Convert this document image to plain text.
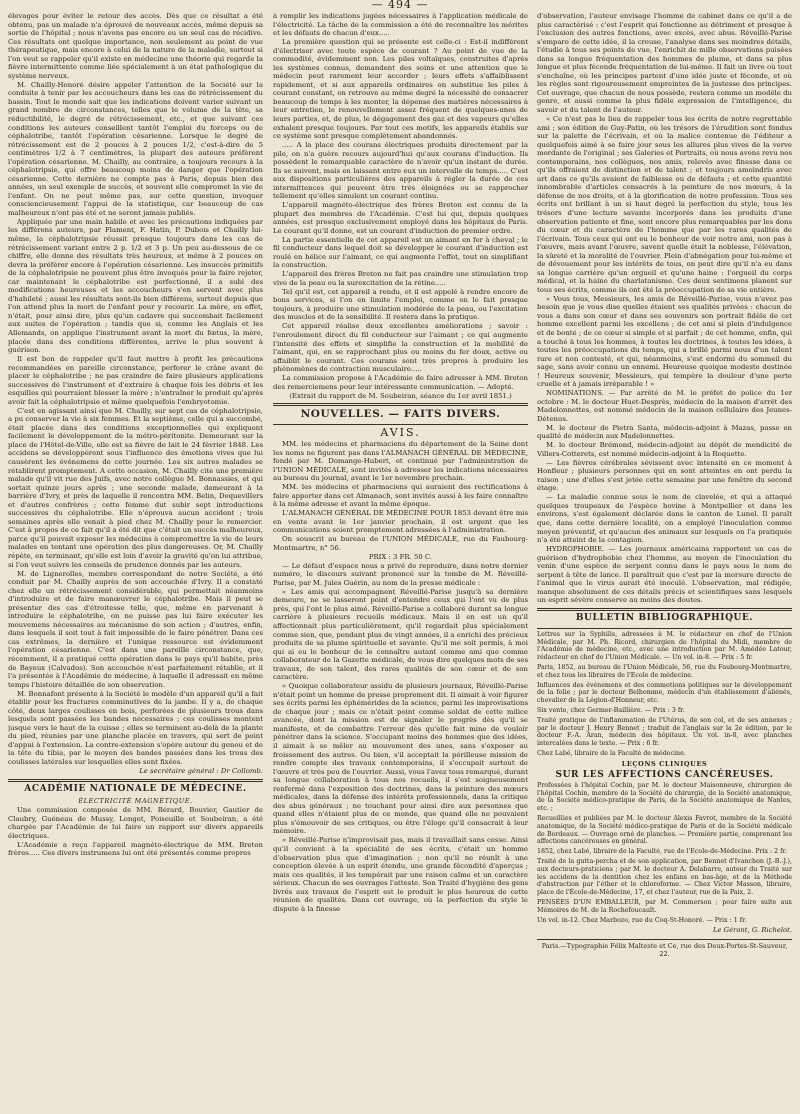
— 494 —

élevages pour éviter le retour des accès. Dès que ce résultat a été obtenu, pas un malade n'a éprouvé de nouveaux accès, même depuis sa sortie de l'hôpital ; nous n'avons pas encore eu un seul cas de récidive. Ces résultats ont quelque importance, non seulement au point de vue thérapeutique, mais encore à celui de la nature de la maladie, surtout si l'on veut se rappeler qu'il existe en médecine une théorie qui regarde la fièvre intermittente comme liée spécialement à un état pathologique du système nerveux.

M. Chailly-Honoré désire appeler l'attention de la Société sur la conduite à tenir par les accoucheurs dans les cas de rétrécissement du bassin. Tout le monde sait que les indications doivent varier suivant un grand nombre de circonstances, telles que le volume de la tête, sa réductibilité, le degré de rétrécissement, etc., et que suivant ces conditions les auteurs conseillent tantôt l'emploi du forceps ou de céphalotribe, tantôt l'opération césarienne. Lorsque le degré de rétrécissement est de 2 pouces à 2 pouces 1/2, c'est-à-dire de 5 centimètres 1/2 à 7 centimètres, la plupart des auteurs préfèrent l'opération césarienne. M. Chailly, au contraire, a toujours recours à la céphalotripsie, qui offre beaucoup moins de danger que l'opération césarienne. Cette dernière ne compte pas à Paris, depuis bien des années, un seul exemple de succès, et souvent elle compromet la vie de l'enfant. On ne peut même pas, sur cette question, invoquer consciencieusement l'appui de la statistique, car beaucoup de cas malheureux n'ont pas été et ne seront jamais publiés.

Appliquée par une main habile et avec les précautions indiquées par les différens auteurs, par Flament, F. Hatin, P. Dubois et Chailly lui-même, la céphalotripsie réussit presque toujours dans les cas de rétrécissement variant entre 2 p. 1/2 et 3 p. Un peu au-dessous de ce chiffre, elle donne des résultats très heureux, et même à 2 pouces on devra la préférer encore à l'opération césarienne. Les insuccès primitifs de la céphalotripsie ne peuvent plus être invoqués pour la faire rejeter, car maintenant le céphalotribe est perfectionné, il a subi des modifications heureuses et les accoucheurs s'en servent avec plus d'habileté ; aussi les résultats sont-ils bien différens, surtout depuis que l'on attend plus la mort de l'enfant pour y recourir. La mère, en effet, n'était, pour ainsi dire, plus qu'un cadavre qui succombait facilement aux suites de l'opération ; tandis que si, comme les Anglais et les Allemands, on applique l'instrument avant la mort du fœtus, la mère, placée dans des conditions différentes, arrive le plus souvent à guérison.

Il est bon de rappeler qu'il faut mettre à profit les précautions recommandées en pareille circonstance, perforer le crâne avant de placer le céphalotribe ; ne pas craindre de faire plusieurs applications successives de l'instrument et d'extraire à chaque fois les débris et les esquilles qui pourraient blesser la mère ; n'entraîner le produit qu'après avoir fait la céphalotripsie et même quelquefois l'embryotomie.

C'est en agissant ainsi que M. Chailly, sur sept cas de céphalotripsie, a pu conserver la vie à six femmes. Et la septième, celle qui a succombé, était placée dans des conditions exceptionnelles qui expliquent facilement le développement de la métro-péritonite. Demeurant sur la place de l'Hôtel-de-Ville, elle est sa fièvre de lait le 24 février 1848. Les accidens se développèrent sous l'influence des émotions vives que lui causèrent les événemens de cette journée. Les six autres malades se rétablirent promptement. A cette occasion, M. Chailly cite une première malade qu'il vit rue des Juifs, avec notre collègue M. Bonnassies, et qui sortait quinze jours après ; une seconde malade, demeurant à la barrière d'Ivry, et près de laquelle il rencontra MM. Belin, Dequevillers et d'autres confrères ; cette femme dut subir sept introductions successives du céphalotribe. Elle n'éprouva aucun accident ; trois semaines après elle venait à pied chez M. Chailly pour le remercier. C'est à propos de ce fait qu'il a été dit que c'était un succès malheureux, parce qu'il pouvait exposer les médecins à compromettre la vie de leurs malades en tentant une opération des plus dangereuses. Or, M. Chailly répète, en terminant, qu'elle est loin d'avoir la gravité qu'on lui attribue, si l'on veut suivre les conseils de prudence donnés par les auteurs.

M. de Lignerolles, membre correspondant de notre Société, a été conduit par M. Chailly auprès de son accouchée d'Ivry. Il a constaté chez elle un rétrécissement considérable, qui permettait néanmoins d'introduire et de faire manœuvrer le céphalotribe. Mais il peut se présenter des cas d'étroitesse telle, que, même en parvenant à introduire le céphalotribe, on ne puisse pas lui faire exécuter les mouvemens nécessaires au mécanisme de son action ; d'autres, enfin, dans lesquels il soit tout à fait impossible de le faire pénétrer. Dans ces cas extrêmes, la dernière et l'unique ressource est évidemment l'opération césarienne. C'est dans une pareille circonstance, que, récemment, il a pratiqué cette opération dans le pays qu'il habite, près de Bayeux (Calvados). Son accouchée n'est parfaitement rétablie, et il l'a présentée à l'Académie de médecine, à laquelle il adressait en même temps l'histoire détaillée de son observation.

M. Bonnafont présente à la Société le modèle d'un appareil qu'il a fait établir pour les fractures comminutives de la jambe. Il y a, de chaque côté, deux larges coulisses en bois, perforées de plusieurs trous dans lesquels sont passées les bandes nécessaires ; ces coulisses montent jusque vers le haut de la cuisse ; elles se terminent au-delà de la plante du pied, réunies par une planche placée en travers, qui sert de point d'appui à l'extension. La contre-extension s'opère autour du genou et de la tête du tibia, par le moyen des bandes passées dans les trous des coulisses latérales sur lesquelles elles sont fixées.

Le secrétaire général : Dr Collomb.
ACADÉMIE NATIONALE DE MÉDECINE.
ÉLECTRICITÉ MAGNÉTIQUE.

Une commission composée de MM. Bérard, Bouvier, Gautier de Claubry, Guéneau de Mussy, Longet, Poiseuille et Soubeiran, a été chargée par l'Académie de lui faire un rapport sur divers appareils électriques.

L'Académie a reçu l'appareil magnéto-électrique de MM. Breton frères..... Ces divers instrumens lui ont été présentés comme propres

à remplir les indications jugées nécessaires à l'application médicale de l'électricité. La tâche de la commission a été de reconnaître les mérites et les défauts de chacun d'eux.....

La première question qui se présente est celle-ci : Est-il indifférent d'électriser avec toute espèce de courant ? Au point de vue de la commodité, évidemment non. Les piles voltaïques, construites d'après les systèmes connus, demandent des soins et une attention que le médecin peut rarement leur accorder ; leurs effets s'affaiblissent rapidement, et si aux appareils ordinaires on substitue les piles à courant constant, on retrouve au même degré la nécessité de consacrer beaucoup de temps à les monter, la dépense des matières nécessaires à leur entretien, le renouvellement assez fréquent de quelques-unes de leurs parties, et, de plus, le dégagement des gaz et des vapeurs qu'elles exhalent presque toujours. Par tout ces motifs, les appareils établis sur ce système sont presque complètement abandonnés.

..... A la place des courans électriques produits directement par la pile, on n'a guère recours aujourd'hui qu'aux courans d'induction. Ils possèdent le remarquable caractère de n'avoir qu'un instant de durée. Ils se suivent, mais en laissant entre eux un intervalle de temps..... C'est aux dispositions particulières des appareils à régler la durée de ces intermittences qui peuvent être très éloignées ou se rapprocher tellement qu'elles simulent un courant continu.

L'appareil magnéto-électrique des frères Breton est connu de la plupart des membres de l'Académie. C'est lui qui, depuis quelques années, est presque exclusivement employé dans les hôpitaux de Paris. Le courant qu'il donne, est un courant d'induction de premier ordre.

La partie essentielle de cet appareil est un aimant en fer à cheval ; le fil conducteur dans lequel doit se développer le courant d'induction est roulé en hélice sur l'aimant, ce qui augmente l'effet, tout en simplifiant la construction.

L'appareil des frères Breton ne fait pas craindre une stimulation trop vive de la peau ou la surexcitation de la rétine.....

Tel qu'il est, cet appareil a rendu, et il est appelé à rendre encore de bons services, si l'on en limite l'emploi, comme on le fait presque toujours, à produire une stimulation modérée de la peau, ou l'excitation des muscles et de la sensibilité. Il restera dans la pratique.

Cet appareil réalise deux excellentes améliorations ; savoir : l'enroulement direct du fil conducteur sur l'aimant ; ce qui augmente l'intensité des effets et simplifie la construction et la mobilité de l'aimant, qui, en se rapprochant plus ou moins du fer doux, active ou affaiblit le courant. Ces courans sont très propres à produire les phénomènes de contraction musculaire.....

La commission propose à l'Académie de faire adresser à MM. Breton des remerciemens pour leur intéressante communication. — Adopté.

(Extrait du rapport de M. Soubeiran, séance du 1er avril 1851.)

NOUVELLES. — FAITS DIVERS.
AVIS.

MM. les médecins et pharmaciens du département de la Seine dont les noms ne figurent pas dans l'ALMANACH GÉNÉRAL DE MÉDECINE, fondé par M. Domange-Hubert, et continué par l'administration de l'UNION MÉDICALE, sont invités à adresser les indications nécessaires au bureau du journal, avant le 1er novembre prochain.

MM. les médecins et pharmaciens qui auraient des rectifications à faire apporter dans cet Almanach, sont invités aussi à les faire connaître à la même adresse et avant la même époque.

L'ALMANACH GÉNÉRAL DE MÉDECINE POUR 1853 devant être mis en vente avant le 1er janvier prochain, il est urgent que les communications soient promptement adressées à l'administration.

On souscrit au bureau de l'UNION MÉDICALE, rue du Faubourg-Montmartre, n° 56.

PRIX : 3 FR. 50 C.

— Le défaut d'espace nous a privé de reproduire, dans notre dernier numéro, le discours suivant prononcé sur la tombe de M. Réveillé-Parise, par M. Jules Guérin, au nom de la presse médicale :

« Les amis qui accompagnent Réveillé-Parise jusqu'à sa dernière demeure, ne se lasseront point d'entendre ceux qui l'ont vu de plus près, qui l'ont le plus aimé. Réveillé-Parise a collaboré durant sa longue carrière à plusieurs recueils médicaux. Mais il en est un qu'il affectionnait plus particulièrement, qu'il regardait plus spécialement comme sien, que, pendant plus de vingt années, il a enrichi des précieux produits de sa plume spirituelle et savante. Qu'il me soit permis, à moi qui ai eu le bonheur de le connaître autant comme ami que comme collaborateur de la Gazette médicale, de vous dire quelques mots de ses travaux, de son talent, des rares qualités de son cœur et de son caractère.

« Quoique collaborateur assidu de plusieurs journaux, Réveillé-Parise n'était point un homme de presse proprement dit. Il aimait à voir figurer ses écrits parmi les éphémérides de la science, parmi les improvisations de chaque jour ; mais ce n'était point comme soldat de cette milice avancée, dont la mission est de signaler le progrès dès qu'il se manifeste, et de combattre l'erreur dès qu'elle fait mine de vouloir pénétrer dans la science. S'occupant moins des hommes que des idées, il aimait à se mêler au mouvement des unes, sans s'exposer au froissement des autres. Ou bien, s'il acceptait la périlleuse mission de rendre compte des travaux contemporains, il s'occupait surtout de l'œuvre et très peu de l'ouvrier. Aussi, vous l'avez tous remarqué, durant sa longue collaboration à tous nos recueils, il s'est soigneusement renfermé dans l'exposition des doctrines, dans la peinture des mœurs médicales, dans la défense des intérêts professionnels, dans la critique des abus généraux ; ne touchant pour ainsi dire aux personnes que quand elles n'étaient plus de ce monde, que quand elle ne pouvaient plus s'émouvoir de ses critiques, ou être l'éloge qu'il consacrait à leur mémoire.

« Réveillé-Parise n'improvisait pas, mais il travaillait sans cesse. Ainsi qu'il convient à la spécialité de ses écrits, c'était un homme d'observation plus que d'imagination ; non qu'il ne réunît à une conception élevée à un esprit étendu, une grande fécondité d'aperçus ; mais ces qualités, il les tempérait par une raison calme et un caractère sérieux. Chacun de ses ouvrages l'atteste. Son Traité d'hygiène des gens livrés aux travaux de l'esprit est le produit le plus heureux de cette réunion de qualités. Dans cet ouvrage, où la perfection du style le dispute à la finesse

d'observation, l'auteur envisage l'homme de cabinet dans ce qu'il a de plus caractérisé : c'est l'esprit qui fonctionne au détriment et presque à l'exclusion des autres fonctions, avec excès, avec abus. Réveillé-Parise s'empare de cette idée, il la creuse, l'analyse dans ses moindres détails, l'étudie à tous ses points de vue, l'enrichit de mille observations puisées dans sa longue fréquentation des hommes de plume, et dans sa plus longue et plus féconde fréquentation de lui-même. Il fait un livre où tout s'enchaîne, où les principes partent d'une idée juste et féconde, et où les règles sont rigoureusement empreintes de la justesse des principes. Cet ouvrage, que chacun de nous possède, restera comme un modèle du genre, et aussi comme la plus fidèle expression de l'intelligence, du savoir et du talent de l'auteur.

« Ce n'est pas le lieu de rappeler tous les écrits de notre regrettable ami ; son édition de Guy-Patin, où les trésors de l'érudition sont fondus sur la palette de l'écrivain, et où la malice contenue de l'éditeur a quelquefois aimé à se faire jour sous les allures plus vives de la verve mordante de l'original ; ses Galeries et Portraits, où nous avons revu nos contemporains, nos collègues, nos amis, relevés avec finesse dans ce qu'ils offraient de distinction et de talent ; et toujours amoindris avec art dans ce qu'ils avaient de faiblesse ou de défauts ; et cette quantité innombrable d'articles consacrés à la peinture de nos mœurs, à la défense de nos droits, et à la glorification de notre profession. Tous ses écrits ont brillant à un si haut degré la perfection du style, tous les trésors d'une lecture savante incorporés dans les produits d'une observation patiente et fine, sont encore plus remarquables par les dons du cœur et du caractère de l'homme que par les rares qualités de l'écrivain. Tous ceux qui ont eu le bonheur de voir notre ami, non pas à l'œuvre, mais avant l'œuvre, savent quelle était la noblesse, l'élévation, la sûreté et la moralité de l'ouvrier. Plein d'abnégation pour lui-même et de dévouement pour les intérêts de tous, on peut dire qu'il n'a eu dans sa longue carrière qu'un orgueil et qu'une haine : l'orgueil du corps médical, et la haine du charlatanisme. Ces deux sentimens planent sur tous ses écrits, comme ils ont été la préoccupation de sa vie entière.

« Vous tous, Messieurs, les amis de Réveillé-Parise, vous n'avez pas besoin que je vous dise quelles étaient ses qualités privées : chacun de vous a dans son cœur et dans ses souvenirs son portrait fidèle de cet homme excellent parmi les excellens ; de cet ami si plein d'indulgence et de bonté ; de ce cœur si simple et si parfait ; de cet homme, enfin, qui a touché à tous les hommes, à toutes les doctrines, à toutes les idées, à toutes les préoccupations du temps, qui a brillé parmi nous d'un talent rare et non contesté, et qui, néanmoins, s'est endormi du sommeil du sage, sans avoir connu un ennemi. Heureuse quoique modeste destinée ! Heureux souvenir, Messieurs, qui tempère la douleur d'une perte cruelle et à jamais irréparable ! »

NOMINATIONS. — Par arrêté de M. le préfet de police du 1er octobre : M. le docteur Huet-Desprès, médecin de la maison d'arrêt des Madelonnettes, est nommé médecin de la maison cellulaire des Jeunes-Détenus.

M. le docteur de Pietra Santa, médecin-adjoint à Mazas, passe en qualité de médecin aux Madelonnettes.

M. le docteur Brémond, médecin-adjoint au dépôt de mendicité de Villers-Cotterets, est nommé médecin-adjoint à la Roquette.

— Les fièvres cérébrales sévissent avec intensité en ce moment à Honfleur ; plusieurs personnes qui en sont atteintes en ont perdu la raison ; une d'elles s'est jetée cette semaine par une fenêtre du second étage.

— La maladie connue sous le nom de clavelée, et qui a attaqué quelques troupeaux de l'espèce bovine à Montpellier et dans les environs, s'est également déclarée dans le canton de Lunel. Il paraît que, dans cette dernière localité, on a employé l'inoculation comme moyen préventif, et qu'aucun des animaux sur lesquels on l'a pratiquée n'a été atteint de la contagion.

HYDROPHOBIE. — Les journaux américains rapportent un cas de guérison d'hydrophobie chez l'homme, au moyen de l'inoculation du venin d'une espèce de serpent connu dans le pays sous le nom de serpent à tête de lance. Il paraîtrait que c'est par la morsure directe de l'animal que le virus aurait été inoculé. L'observation, mal rédigée, manque absolument de ces détails précis et scientifiques sans lesquels un esprit sévère conserve au moins des doutes.

BULLETIN BIBLIOGRAPHIQUE.

Lettres sur la Syphilis, adressées à M. le rédacteur en chef de l'Union Médicale, par M. Ph. Ricord, chirurgien de l'hôpital du Midi, membre de l'Académie de médecine, etc., avec une introduction par M. Amédée Latour, rédacteur en chef de l'Union Médicale. — Un vol. in-8. — Prix : 5 fr.

Paris, 1852, au bureau de l'Union Médicale, 56, rue du Faubourg-Montmartre, et chez tous les libraires de l'Ecole de médecine.

Influences des événemens et des commotions politiques sur le développement de la folie ; par le docteur Belhomme, médecin d'un établissement d'aliénés, chevalier de la Légion-d'Honneur, etc.

Six vente, chez Germer-Baillière. — Prix : 3 fr.

Traité pratique de l'inflammation de l'Utérus, de son col, et de ses annexes ; par le docteur J. Henry Bennet ; traduit de l'anglais sur la 2e édition, par le docteur F.-A. Aran, médecin des hôpitaux. Un vol. in-8, avec planches intercalées dans le texte. — Prix : 6 fr.

Chez Labé, libraire de la Faculté de médecine.

LEÇONS CLINIQUES
SUR LES AFFECTIONS CANCÉREUSES.

Professées à l'hôpital Cochin, par M. le docteur Maisonneuve, chirurgien de l'hôpital Cochin, membre de la Société de chirurgie, de la Société anatomique, de la Société médico-pratique de Paris, de la Société anatomique de Nantes, etc. ;

Recueillies et publiées par M. le docteur Alexis Favrot, membre de la Société anatomique, de la Société médico-pratique de Paris et de la Société médicale de Bordeaux. — Ouvrage orné de planches. — Première partie, comprenant les affections cancéreuses en général.

1852, chez Labé, libraire de la Faculté, rue de l'Ecole-de-Médecine. Prix : 2 fr.

Traité de la gutta-percha et de son application, par Bennet d'Ivanchon (J.-B.-J.), aux docteurs-praticiens ; par M. le docteur A. Delabarre, auteur du Traité sur les accidens de la dentition chez les enfans en bas-âge, et de la Méthode d'abstraction par l'éther et le chloroforme. — Chez Victor Masson, libraire, place de l'École-de-Médecine, 17, et chez l'auteur, rue de la Paix, 2.

PENSÉES D'UN EMBALLEUR, par M. Commerson ; pour faire suite aux Mémoires de M. de la Rochefoucault.

Un vol. in-12. Chez Marbozo, rue du Coq-St-Honoré. — Prix : 1 fr.

Le Gérant, G. Richelot.
Paris.—Typographie Félix Malteste et Ce, rue des Deux-Portes-St-Sauveur, 22.
